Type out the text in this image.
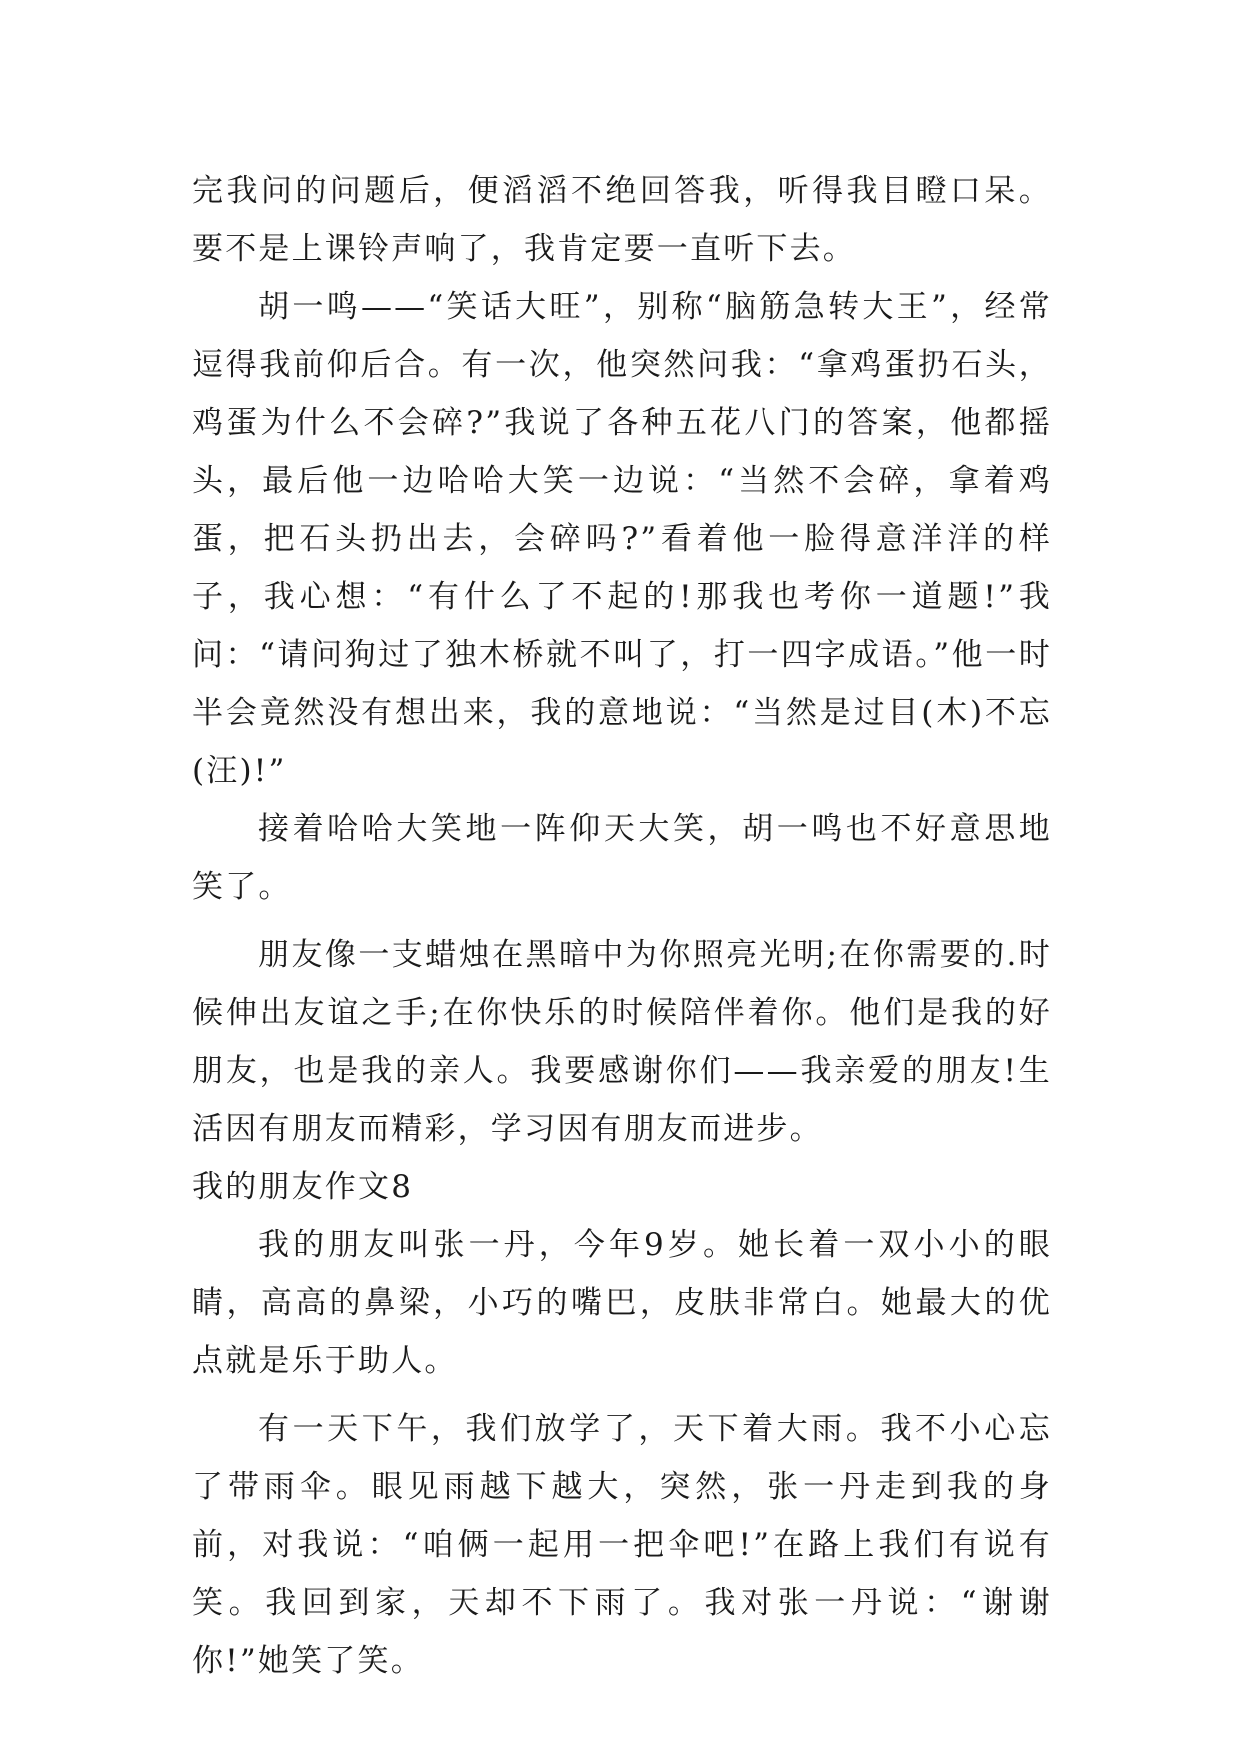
完我问的问题后，便滔滔不绝回答我，听得我目瞪口呆。要不是上课铃声响了，我肯定要一直听下去。

胡一鸣——“笑话大旺”，别称“脑筋急转大王”，经常逗得我前仰后合。有一次，他突然问我：“拿鸡蛋扔石头，鸡蛋为什么不会碎?”我说了各种五花八门的答案，他都摇头，最后他一边哈哈大笑一边说：“当然不会碎，拿着鸡蛋，把石头扔出去，会碎吗?”看着他一脸得意洋洋的样子，我心想：“有什么了不起的!那我也考你一道题!”我问：“请问狗过了独木桥就不叫了，打一四字成语。”他一时半会竟然没有想出来，我的意地说：“当然是过目(木)不忘(汪)!”

接着哈哈大笑地一阵仰天大笑，胡一鸣也不好意思地笑了。

朋友像一支蜡烛在黑暗中为你照亮光明;在你需要的.时候伸出友谊之手;在你快乐的时候陪伴着你。他们是我的好朋友，也是我的亲人。我要感谢你们——我亲爱的朋友!生活因有朋友而精彩，学习因有朋友而进步。

我的朋友作文8

我的朋友叫张一丹，今年9岁。她长着一双小小的眼睛，高高的鼻梁，小巧的嘴巴，皮肤非常白。她最大的优点就是乐于助人。

有一天下午，我们放学了，天下着大雨。我不小心忘了带雨伞。眼见雨越下越大，突然，张一丹走到我的身前，对我说：“咱俩一起用一把伞吧!”在路上我们有说有笑。我回到家，天却不下雨了。我对张一丹说：“谢谢你!”她笑了笑。
